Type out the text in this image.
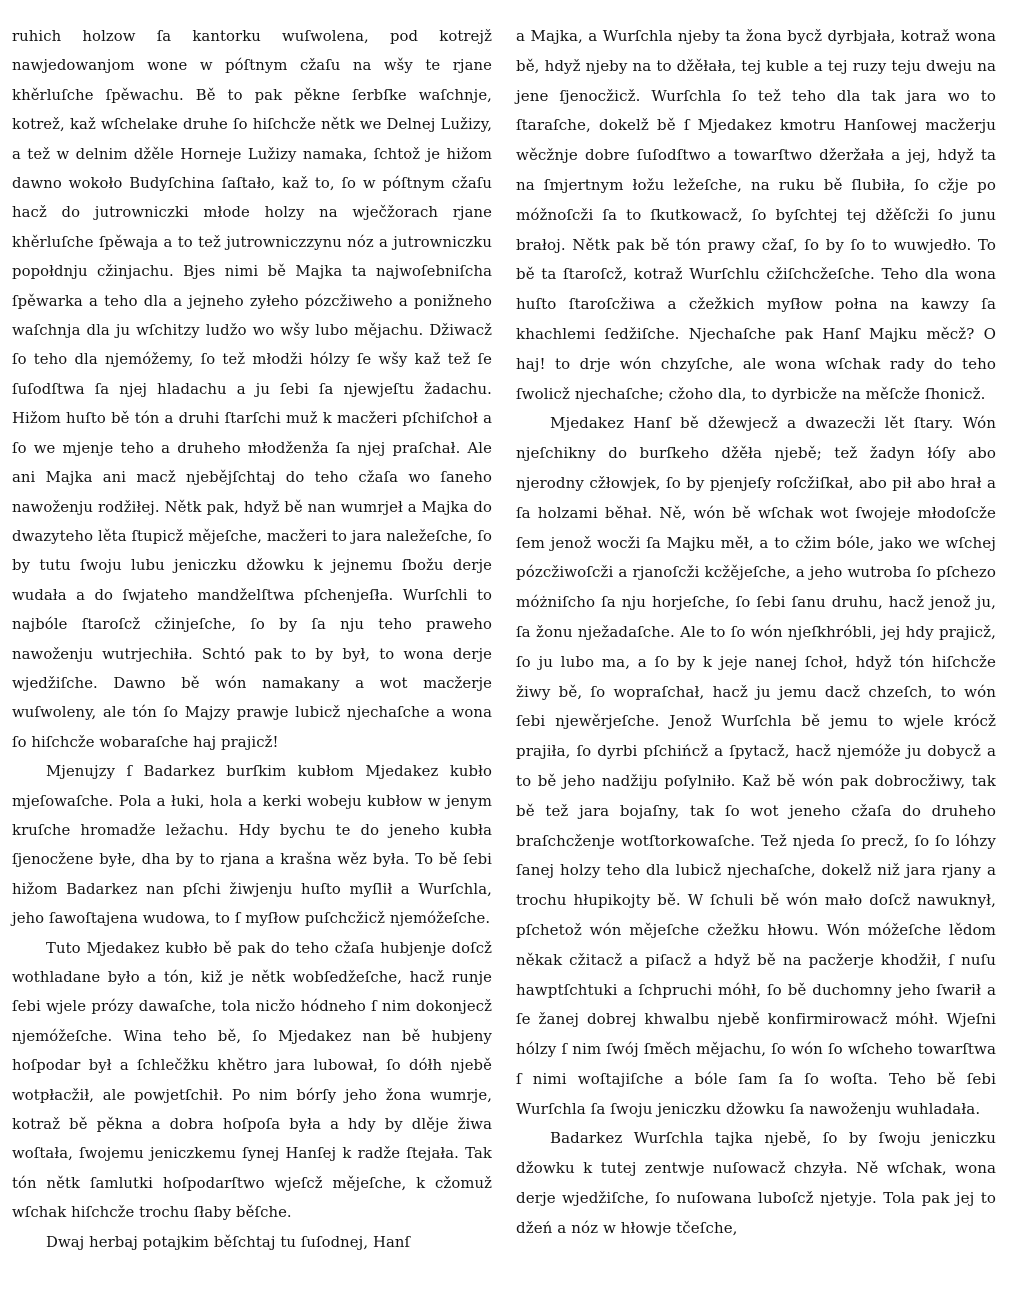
ruhich holzow ſa kantorku wuſwolena, pod kotrejž nawjedowanjom wone w póſtnym cžaſu na wšy te rjane khěrluſche ſpěwachu. Bě to pak pěkne ſerbſke waſchnje, kotrež, kaž wſchelake druhe ſo hiſchcže nětk we Delnej Lužizy, a tež w delnim džěle Horneje Lužizy namaka, ſchtož je hižom dawno wokoło Budyſchina ſaſtało, kaž to, ſo w póſtnym cžaſu hacž do jutrowniczki młode holzy na wječžorach rjane khěrluſche ſpěwaja a to tež jutrowniczzynu nóz a jutrowniczku popołdnju cžinjachu. Bjes nimi bě Majka ta najwoſebniſcha ſpěwarka a teho dla a jejneho zyłeho pózcžiweho a ponižneho waſchnja dla ju wſchitzy ludžo wo wšy lubo mějachu. Džiwacž ſo teho dla njemóžemy, ſo tež młodži hólzy ſe wšy kaž tež ſe ſuſodſtwa ſa njej hladachu a ju ſebi ſa njewjeſtu žadachu. Hižom huſto bě tón a druhi ſtarſchi muž k macžeri pſchiſchoł a ſo we mjenje teho a druheho młodženža ſa njej praſchał. Ale ani Majka ani macž njebějſchtaj do teho cžaſa wo ſaneho nawoženju rodžiłej. Nětk pak, hdyž bě nan wumrjeł a Majka do dwazyteho lěta ſtupicž mějeſche, macžeri to jara naležeſche, ſo by tutu ſwoju lubu jeniczku džowku k jejnemu ſbožu derje wudała a do ſwjateho mandželſtwa pſchenjeſła. Wurſchli to najbóle ſtaroſcž cžinjeſche, ſo by ſa nju teho praweho nawoženju wutrjechiła. Schtó pak to by był, to wona derje wjedžiſche. Dawno bě wón namakany a wot macžerje wuſwoleny, ale tón ſo Majzy prawje lubicž njechaſche a wona ſo hiſchcže wobaraſche haj prajicž!

Mjenujzy ſ Badarkez burſkim kubłom Mjedakez kubło mjeſowaſche. Pola a łuki, hola a kerki wobeju kubłow w jenym kruſche hromadže ležachu. Hdy bychu te do jeneho kubła ſjenocžene byłe, dha by to rjana a krašna wěz była. To bě ſebi hižom Badarkez nan pſchi žiwjenju huſto myſlił a Wurſchla, jeho ſawoſtajena wudowa, to ſ myſłow puſchcžicž njemóžeſche.

Tuto Mjedakez kubło bě pak do teho cžaſa hubjenje doſcž wothladane było a tón, kiž je nětk wobſedžeſche, hacž runje ſebi wjele prózy dawaſche, tola nicžo hódneho ſ nim dokonjecž njemóžeſche. Wina teho bě, ſo Mjedakez nan bě hubjeny hoſpodar był a ſchlečžku khětro jara lubował, ſo dółh njebě wotpłacžił, ale powjetſchił. Po nim bórſy jeho žona wumrje, kotraž bě pěkna a dobra hoſpoſa była a hdy by dlěje žiwa woſtała, ſwojemu jeniczkemu ſynej Hanſej k radže ſtejała. Tak tón nětk ſamlutki hoſpodarſtwo wjeſcž mějeſche, k cžomuž wſchak hiſchcže trochu ſłaby běſche.

Dwaj herbaj potajkim běſchtaj tu ſuſodnej, Hanſ

a Majka, a Wurſchla njeby ta žona bycž dyrbjała, kotraž wona bě, hdyž njeby na to džěłała, tej kuble a tej ruzy teju dweju na jene ſjenocžicž. Wurſchla ſo tež teho dla tak jara wo to ſtaraſche, dokelž bě ſ Mjedakez kmotru Hanſowej macžerju wěcžnje dobre ſuſodſtwo a towarſtwo džeržała a jej, hdyž ta na ſmjertnym łožu ležeſche, na ruku bě ſlubiła, ſo cžje po móžnoſcži ſa to ſkutkowacž, ſo byſchtej tej džěſcži ſo junu brałoj. Nětk pak bě tón prawy cžaſ, ſo by ſo to wuwjedło. To bě ta ſtaroſcž, kotraž Wurſchlu cžiſchcžeſche. Teho dla wona huſto ſtaroſcžiwa a cžežkich myſłow połna na kawzy ſa khachlemi ſedžiſche. Njechaſche pak Hanſ Majku měcž? O haj! to drje wón chzyſche, ale wona wſchak rady do teho ſwolicž njechaſche; cžoho dla, to dyrbicže na měſcže ſhonicž.

Mjedakez Hanſ bě džewjecž a dwazecži lět ſtary. Wón njeſchikny do burſkeho džěła njebě; tež žadyn łóſy abo njerodny cžłowjek, ſo by pjenjeſy roſcžiſkał, abo pił abo hrał a ſa holzami běhał. Ně, wón bě wſchak wot ſwojeje młodoſcže ſem jenož wocži ſa Majku měł, a to cžim bóle, jako we wſchej pózcžiwoſcži a rjanoſcži kcžějeſche, a jeho wutroba ſo pſchezo móżniſcho ſa nju horjeſche, ſo ſebi ſanu druhu, hacž jenož ju, ſa žonu nježadaſche. Ale to ſo wón njeſkhróbli, jej hdy prajicž, ſo ju lubo ma, a ſo by k jeje nanej ſchoł, hdyž tón hiſchcže žiwy bě, ſo wopraſchał, hacž ju jemu dacž chzeſch, to wón ſebi njewěrjeſche. Jenož Wurſchla bě jemu to wjele krócž prajiła, ſo dyrbi pſchińcž a ſpytacž, hacž njemóže ju dobycž a to bě jeho nadžiju poſylniło. Kaž bě wón pak dobrocžiwy, tak bě tež jara bojaſny, tak ſo wot jeneho cžaſa do druheho braſchcženje wotſtorkowaſche. Tež njeda ſo precž, ſo ſo lóhzy ſanej holzy teho dla lubicž njechaſche, dokelž niž jara rjany a trochu hłupikojty bě. W ſchuli bě wón mało doſcž nawuknył, pſchetož wón mějeſche cžežku hłowu. Wón móžeſche lědom někak cžitacž a piſacž a hdyž bě na pacžerje khodžił, ſ nuſu hawptſchtuki a ſchpruchi móhł, ſo bě duchomny jeho ſwarił a ſe žanej dobrej khwalbu njebě konfirmirowacž móhł. Wjeſni hólzy ſ nim ſwój ſměch mějachu, ſo wón ſo wſcheho towarſtwa ſ nimi woſtajiſche a bóle ſam ſa ſo woſta. Teho bě ſebi Wurſchla ſa ſwoju jeniczku džowku ſa nawoženju wuhladała.

Badarkez Wurſchla tajka njebě, ſo by ſwoju jeniczku džowku k tutej zentwje nuſowacž chzyła. Ně wſchak, wona derje wjedžiſche, ſo nuſowana luboſcž njetyje. Tola pak jej to džeń a nóz w hłowje tčeſche,
